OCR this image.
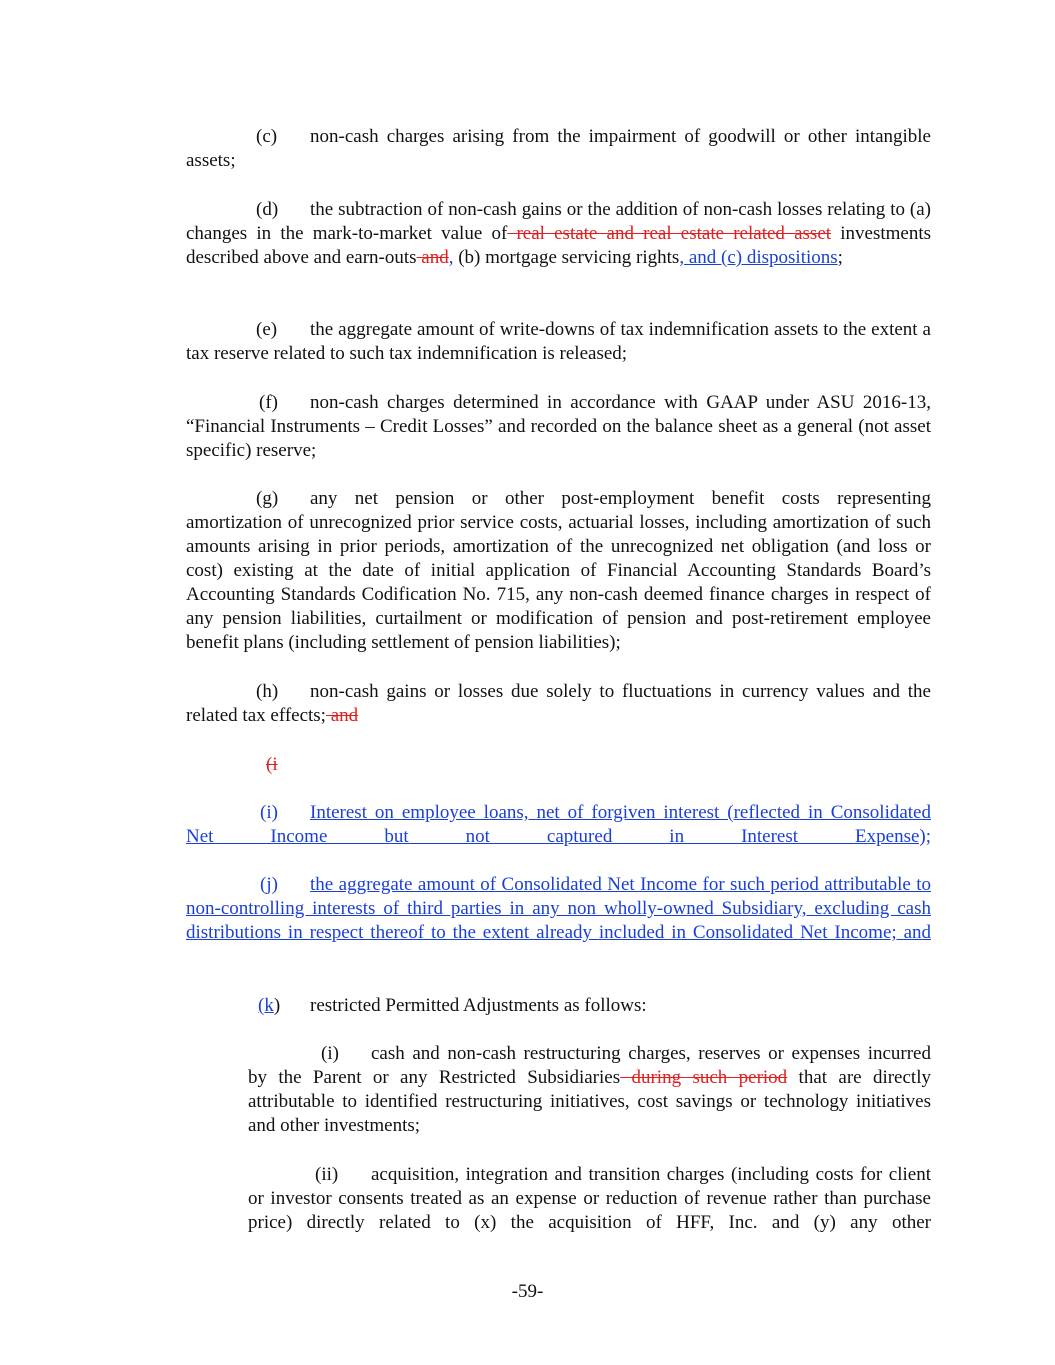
(c) non-cash charges arising from the impairment of goodwill or other intangible assets;

(d) the subtraction of non-cash gains or the addition of non-cash losses relating to (a) changes in the mark-to-market value of real estate and real estate related asset investments described above and earn-outs and, (b) mortgage servicing rights, and (c) dispositions;

(e) the aggregate amount of write-downs of tax indemnification assets to the extent a tax reserve related to such tax indemnification is released;

(f) non-cash charges determined in accordance with GAAP under ASU 2016-13, “Financial Instruments – Credit Losses” and recorded on the balance sheet as a general (not asset specific) reserve;

(g) any net pension or other post-employment benefit costs representing amortization of unrecognized prior service costs, actuarial losses, including amortization of such amounts arising in prior periods, amortization of the unrecognized net obligation (and loss or cost) existing at the date of initial application of Financial Accounting Standards Board’s Accounting Standards Codification No. 715, any non-cash deemed finance charges in respect of any pension liabilities, curtailment or modification of pension and post-retirement employee benefit plans (including settlement of pension liabilities);

(h) non-cash gains or losses due solely to fluctuations in currency values and the related tax effects; and

(i

(i) Interest on employee loans, net of forgiven interest (reflected in Consolidated Net Income but not captured in Interest Expense);
(j) the aggregate amount of Consolidated Net Income for such period attributable to non-controlling interests of third parties in any non wholly-owned Subsidiary, excluding cash distributions in respect thereof to the extent already included in Consolidated Net Income; and

(k) restricted Permitted Adjustments as follows:

(i) cash and non-cash restructuring charges, reserves or expenses incurred by the Parent or any Restricted Subsidiaries during such period that are directly attributable to identified restructuring initiatives, cost savings or technology initiatives and other investments;

(ii) acquisition, integration and transition charges (including costs for client or investor consents treated as an expense or reduction of revenue rather than purchase price) directly related to (x) the acquisition of HFF, Inc. and (y) any other

-59-
